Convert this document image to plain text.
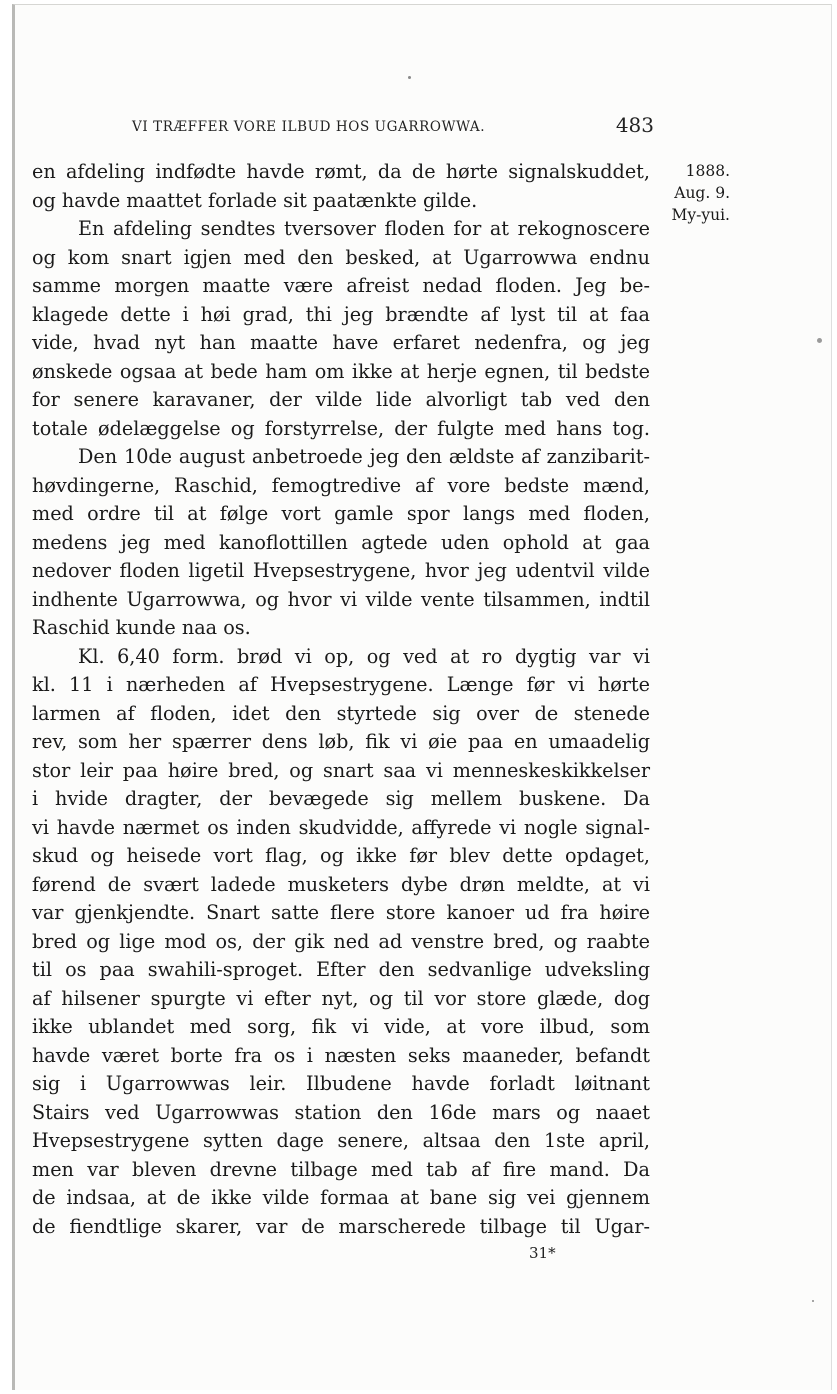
VI TRÆFFER VORE ILBUD HOS UGARROWWA.	483
en afdeling indfødte havde rømt, da de hørte signalskuddet,
og havde maattet forlade sit paatænkte gilde.
En afdeling sendtes tversover floden for at rekognoscere
og kom snart igjen med den besked, at Ugarrowwa endnu
samme morgen maatte være afreist nedad floden. Jeg be-
klagede dette i høi grad, thi jeg brændte af lyst til at faa
vide, hvad nyt han maatte have erfaret nedenfra, og jeg
ønskede ogsaa at bede ham om ikke at herje egnen, til bedste
for senere karavaner, der vilde lide alvorligt tab ved den
totale ødelæggelse og forstyrrelse, der fulgte med hans tog.
Den 10de august anbetroede jeg den ældste af zanzibarit-
høvdingerne, Raschid, femogtredive af vore bedste mænd,
med ordre til at følge vort gamle spor langs med floden,
medens jeg med kanoflottillen agtede uden ophold at gaa
nedover floden ligetil Hvepsestrygene, hvor jeg udentvil vilde
indhente Ugarrowwa, og hvor vi vilde vente tilsammen, indtil
Raschid kunde naa os.
Kl. 6,40 form. brød vi op, og ved at ro dygtig var vi
kl. 11 i nærheden af Hvepsestrygene. Længe før vi hørte
larmen af floden, idet den styrtede sig over de stenede
rev, som her spærrer dens løb, fik vi øie paa en umaadelig
stor leir paa høire bred, og snart saa vi menneskeskikkelser
i hvide dragter, der bevægede sig mellem buskene. Da
vi havde nærmet os inden skudvidde, affyrede vi nogle signal-
skud og heisede vort flag, og ikke før blev dette opdaget,
førend de svært ladede musketers dybe drøn meldte, at vi
var gjenkjendte. Snart satte flere store kanoer ud fra høire
bred og lige mod os, der gik ned ad venstre bred, og raabte
til os paa swahili-sproget. Efter den sedvanlige udveksling
af hilsener spurgte vi efter nyt, og til vor store glæde, dog
ikke ublandet med sorg, fik vi vide, at vore ilbud, som
havde været borte fra os i næsten seks maaneder, befandt
sig i Ugarrowwas leir. Ilbudene havde forladt løitnant
Stairs ved Ugarrowwas station den 16de mars og naaet
Hvepsestrygene sytten dage senere, altsaa den 1ste april,
men var bleven drevne tilbage med tab af fire mand. Da
de indsaa, at de ikke vilde formaa at bane sig vei gjennem
de fiendtlige skarer, var de marscherede tilbage til Ugar-
1888.
Aug. 9.
My-yui.
31*
